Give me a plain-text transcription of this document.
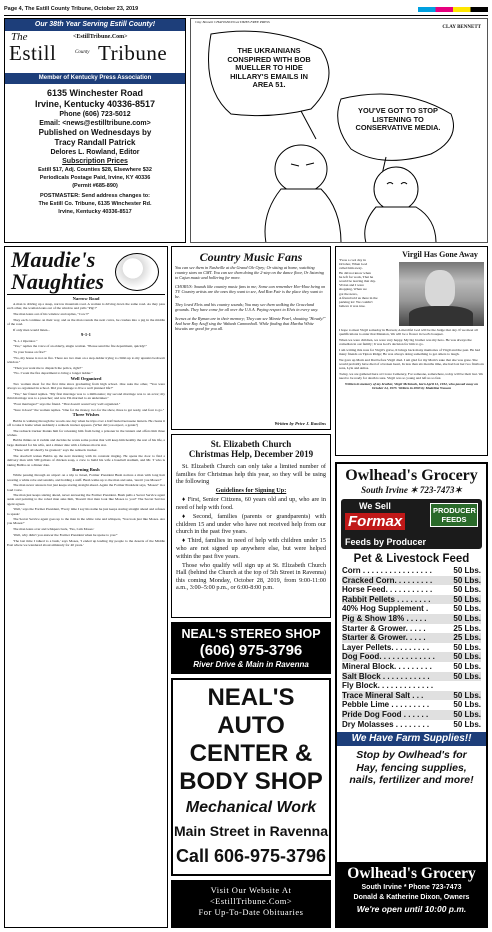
Page 4, The Estill County Tribune, October 23, 2019
Our 38th Year Serving Estill County!
The
Estill	County Tribune
<EstillTribune.Com>
Member of Kentucky Press Association
6135 Winchester Road
Irvine, Kentucky 40336-8517
Phone (606) 723-5012
Email: <news@estilltribune.com>
Published on Wednesdays by
Tracy Randall Patrick
Delores L. Rowland, Editor
Subscription Prices
Estill $17, Adj. Counties $28, Elsewhere $32
Periodicals Postage Paid, Irvine, KY 40336
(Permit #685-890)
POSTMASTER: Send address changes to:
The Estill Co. Tribune, 6135 Winchester Rd.
Irvine, Kentucky 40336-8517
Clay Bennett CHATTANOOGA TIMES FREE PRESS
CLAY BENNETT
THE UKRAINIANS CONSPIRED WITH BOB MUELLER TO HIDE HILLARY'S EMAILS IN AREA 51.
YOU'VE GOT TO STOP LISTENING TO CONSERVATIVE MEDIA.
Maudie's
Naughties
Narrow Road

A man is driving up a steep, narrow mountain road. A woman is driving down the same road. As they pass each other, the woman leans out of the window and yells "Pig!!"

The man leans out of his window and replies, "Cow!!"

They each continue on their way, and as the man rounds the next curve, he crashes into a pig in the middle of the road.

If only men would listen...

9-1-1

"9-1-1 Operator."

"Yes," replies the voice of an elderly, single woman. "Please send the fire department, quickly!"

"Is your house on fire?"

"No, my house is not on fire. There are two men on a step-ladder trying to climb up to my upstairs bedroom window."

"Then you want me to dispatch the police, right?"

"No. I want the fire department to bring a longer ladder."

Well Organized

Two women meet for the first time since graduating from high school. One asks the other, "You were always so organized in school. Did you manage to live a well planned life?"

"Yes," her friend replies. "My first marriage was to a millionaire; my second marriage was to an actor; my third marriage was to a preacher; and now I'm married to an undertaker."

"Four marriages?" says the friend. "That doesn't sound very well organized."

"Sure it does!" the woman replies. "One for the money, two for the show, three to get ready, and four to go."

Three Wishes

Bubba is walking through the woods one day when he trips over a half buried kerosene lantern. He cleans it off to take it home when suddenly a redneck trucker appears. (What did you expect, a genie?)

The redneck trucker thanks him for releasing him from being a prisoner in the lantern and offers him three wishes.

Bubba thinks on it awhile and decides he wants some potion that will keep him healthy the rest of his life, a large diamond for his wife, and a dinner date with a famous movie star.

"These will all shortly be granted," says the redneck trucker.

The doorbell wakes Bubba up the next morning with its constant ringing. He opens the door to find a delivery man with 500 gallons of chicken soup, a crew to build his wife a baseball stadium, and Mr. T who is taking Bubba on a dinner date.

Burning Bush

While passing through an airport on a trip to Israel, Former President Bush notices a man with long hair wearing a white robe and sandals, and holding a staff. Bush walks up to the man and asks, 'Aren't you Moses?'

The man never answers but just keeps staring straight ahead. Again the Former President says, 'Moses!' in a loud voice.

The man just keeps staring ahead, never answering the Former President. Bush pulls a Secret Service agent aside and pointing to the robed man asks him, 'Doesn't that man look like Moses to you?' The Secret Service agent agrees.

'Well,' says the Former President, 'Every time I say his name he just keeps staring straight ahead and refuses to speak.'

The Secret Service agent goes up to the man in the white robe and whispers, 'You look just like Moses. Are you Moses?'

The man leans over and whispers back, 'Yes, I am Moses.'

'Well, why didn't you answer the Former President when he spoke to you?'

'The last time I talked to a bush,' says Moses, 'I ended up leading my people to the deserts of the Middle East where we wandered about aimlessly for 40 years.'

Country Music Fans

You can see them in Nashville at the Grand Ole Opry; Or sitting at home, watching country stars on CMT. You can see them doing the 2-step on the dance floor, Or listening to Cajun music and hollering for more.

CHORUS: Sounds like country music fans to me; Some can remember Hee-Haw being on TV. Country artists are the ones they want to see, And Ron Fair is the place they want to be.

They loved Elvis and his country sounds; You may see them walking the Graceland grounds. They have come for all over the U.S.A. Paying respect to Elvis in every way.

Scenes at the Ryman are in their memory; They can see Minnie Pearl, shouting "Howdy!" And hear Roy Acuff sing the Wabash Cannonball. While finding that Martha White biscuits are good for you all.

Written by Price J. Rawlins
St. Elizabeth Church
Christmas Help, December 2019

St. Elizabeth Church can only take a limited number of families for Christmas help this year, so they will be using the following

Guidelines for Signing Up:

♦ First, Senior Citizens, 60 years old and up, who are in need of help with food.

♦ Second, families (parents or grandparents) with children 15 and under who have not received help from our church in the past five years.

♦ Third, families in need of help with children under 15 who are not signed up anywhere else, but were helped within the past five years.

Those who qualify will sign up at St. Elizabeth Church Hall (behind the Church at the top of 5th Street in Ravenna) this coming Monday, October 28, 2019, from 9:00-11:00 a.m., 3:00–5:00 p.m., or 6:00-8:00 p.m.

NEAL'S STEREO SHOP
(606) 975-3796
River Drive & Main in Ravenna
NEAL'S AUTO
CENTER &
BODY SHOP
Mechanical Work
Main Street in Ravenna
Call 606-975-3796
Visit Our Website At
<EstillTribune.Com>
For Up-To-Date Obituaries
Virgil Has Gone Away
'Twas a cool day in
October, When God
called him away.
He did not know when
he left for work, That he
would be leaving that day.
Vivian and I were
shopping, When we
got the news,
A friend told us there in the
parking lot: We couldn't
believe it was true.

I hope to meet Virgil someday in Heaven; A merciful God will be the Judge that day. If we meet all qualifications to enter that Mansion, We will be a flower in God's bouquet.

When we were children, we were very happy. My big brother was my hero. He was always the comedian in our family; It was God's decision for him to go.

I am writing this note for Virgil's grave, It brings back many memories of Virgil and the past. He had many friends on Tipton Ridge; He was always doing something to get others to laugh.

We gave up Mom and Dad before Virgil died. I am glad for my Mom's sake that she was gone. She would probably have died of a broken heart, In less than six months time, she had lost her two firstborn sons, Lyle and Amos.

Today, we are gathered here at Crowe Cemetery, For someone, somewhere, today will be their last. We need to be ready for death is sure. Virgil was so young and left us so fast.

Written in memory of my brother, Virgil McIntosh, born April 12, 1932, who passed away on October 24, 1973. Written in 2003 by Madeline Wasson
Owlhead's Grocery
South Irvine ✶ 723-7473✶
We Sell
Formax
PRODUCER FEEDS
Feeds by Producer
Pet & Livestock Feed
Corn . . . . . . . . . . . . . . . .	50 Lbs.
Cracked Corn. . . . . . . . .	50 Lbs.
Horse Feed. . . . . . . . . . .	50 Lbs.
Rabbit Pellets . . . . . . . .	50 Lbs.
40% Hog Supplement .	50 Lbs.
Pig & Show 18% . . . . .	50 Lbs.
Starter & Grower. . . . .	25 Lbs.
Starter & Grower. . . . .	25 Lbs.
Layer Pellets. . . . . . . . .	50 Lbs.
Dog Food. . . . . . . . . . . . . 50 Lbs.
Mineral Block. . . . . . . . .	50 Lbs.
Salt Block . . . . . . . . . . .	50 Lbs.
Fly Block. . . . . . . . . . . . .
Trace Mineral Salt . . .	50 Lbs.
Pebble Lime . . . . . . . . .	50 Lbs.
Pride Dog Food . . . . . .	50 Lbs.
Dry Molasses . . . . . . . .	50 Lbs.
We Have Farm Supplies!!
Stop by Owlhead's for
Hay, fencing supplies,
nails, fertilizer and more!
Owlhead's Grocery
South Irvine * Phone 723-7473
Donald & Katherine Dixon, Owners
We're open until 10:00 p.m.
